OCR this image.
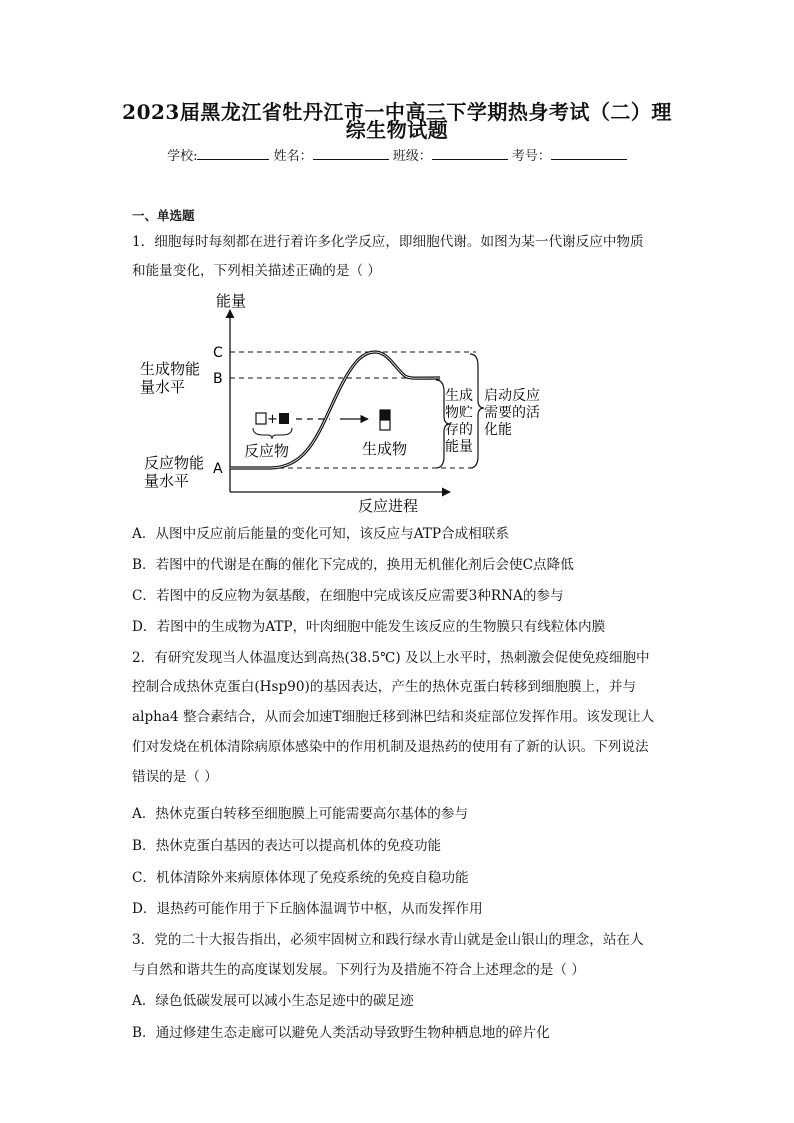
2023届黑龙江省牡丹江市一中高三下学期热身考试（二）理
综生物试题
学校:	姓名：	班级：	考号：
一、单选题
1．细胞每时每刻都在进行着许多化学反应，即细胞代谢。如图为某一代谢反应中物质
和能量变化，下列相关描述正确的是（ ）
能量
反应进程
C
B
A
生成物能
量水平
反应物能
量水平
+
反应物	生成物
生成
物贮
存的
能量
启动反应
需要的活
化能
A．从图中反应前后能量的变化可知，该反应与ATP合成相联系
B．若图中的代谢是在酶的催化下完成的，换用无机催化剂后会使C点降低
C．若图中的反应物为氨基酸，在细胞中完成该反应需要3种RNA的参与
D．若图中的生成物为ATP，叶肉细胞中能发生该反应的生物膜只有线粒体内膜
2．有研究发现当人体温度达到高热(38.5℃) 及以上水平时，热刺激会促使免疫细胞中
控制合成热休克蛋白(Hsp90)的基因表达，产生的热休克蛋白转移到细胞膜上，并与
alpha4 整合素结合，从而会加速T细胞迁移到淋巴结和炎症部位发挥作用。该发现让人
们对发烧在机体清除病原体感染中的作用机制及退热药的使用有了新的认识。下列说法
错误的是（ ）
A．热休克蛋白转移至细胞膜上可能需要高尔基体的参与
B．热休克蛋白基因的表达可以提高机体的免疫功能
C．机体清除外来病原体体现了免疫系统的免疫自稳功能
D．退热药可能作用于下丘脑体温调节中枢，从而发挥作用
3．党的二十大报告指出，必须牢固树立和践行绿水青山就是金山银山的理念，站在人
与自然和谐共生的高度谋划发展。下列行为及措施不符合上述理念的是（ ）
A．绿色低碳发展可以减小生态足迹中的碳足迹
B．通过修建生态走廊可以避免人类活动导致野生物种栖息地的碎片化
